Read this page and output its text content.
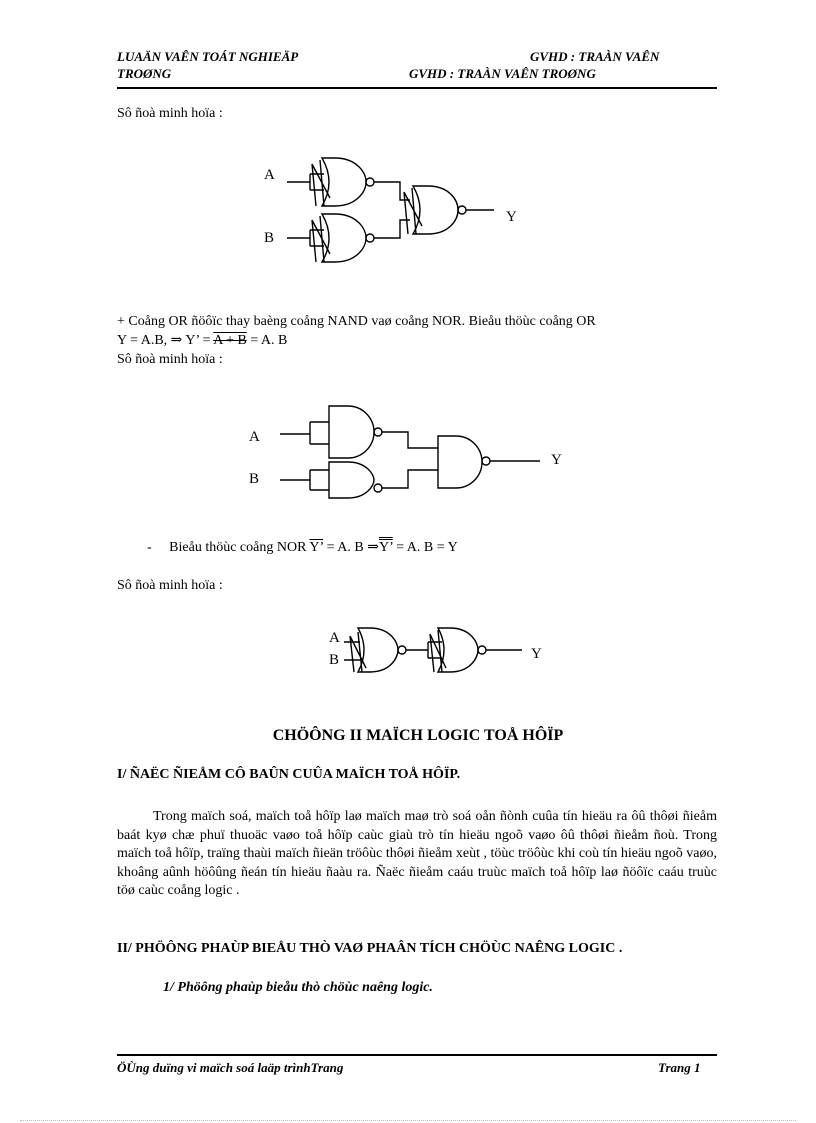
LUAÄN VAÊN TOÁT NGHIEÄP	GVHD : TRAÀN VAÊN
TROØNG	GVHD : TRAÀN VAÊN TROØNG
Sô ñoà minh hoïa :
A
B
Y
+ Coång OR ñöôïc thay baèng coång NAND vaø coång NOR. Bieåu thöùc coång OR
Y = A.B, ⇒ Y’ = A + B = A. B
Sô ñoà minh hoïa :
A
B
Y
- Bieåu thöùc coång NOR Y’ = A. B ⇒Y’ = A. B = Y
Sô ñoà minh hoïa :
A
B	Y
CHÖÔNG II MAÏCH LOGIC TOÅ HÔÏP
I/ ÑAËC ÑIEÅM CÔ BAÛN CUÛA MAÏCH TOÅ HÔÏP.
Trong maïch soá, maïch toå hôïp laø maïch maø trò soá oån ñònh cuûa tín hieäu ra ôû thôøi ñieåm baát kyø chæ phuï thuoäc vaøo toå hôïp caùc giaù trò tín hieäu ngoõ vaøo ôû thôøi ñieåm ñoù. Trong maïch toå hôïp, traïng thaùi maïch ñieän tröôùc thôøi ñieåm xeùt , töùc tröôùc khi coù tín hieäu ngoõ vaøo, khoâng aûnh höôûng ñeán tín hieäu ñaàu ra. Ñaëc ñieåm caáu truùc maïch toå hôïp laø ñöôïc caáu truùc töø caùc coång logic .
II/ PHÖÔNG PHAÙP BIEÅU THÒ VAØ PHAÂN TÍCH CHÖÙC NAÊNG LOGIC .
1/ Phöông phaùp bieåu thò chöùc naêng logic.
ÖÙng duïng vi maïch soá laäp trìnhTrang	Trang 1
